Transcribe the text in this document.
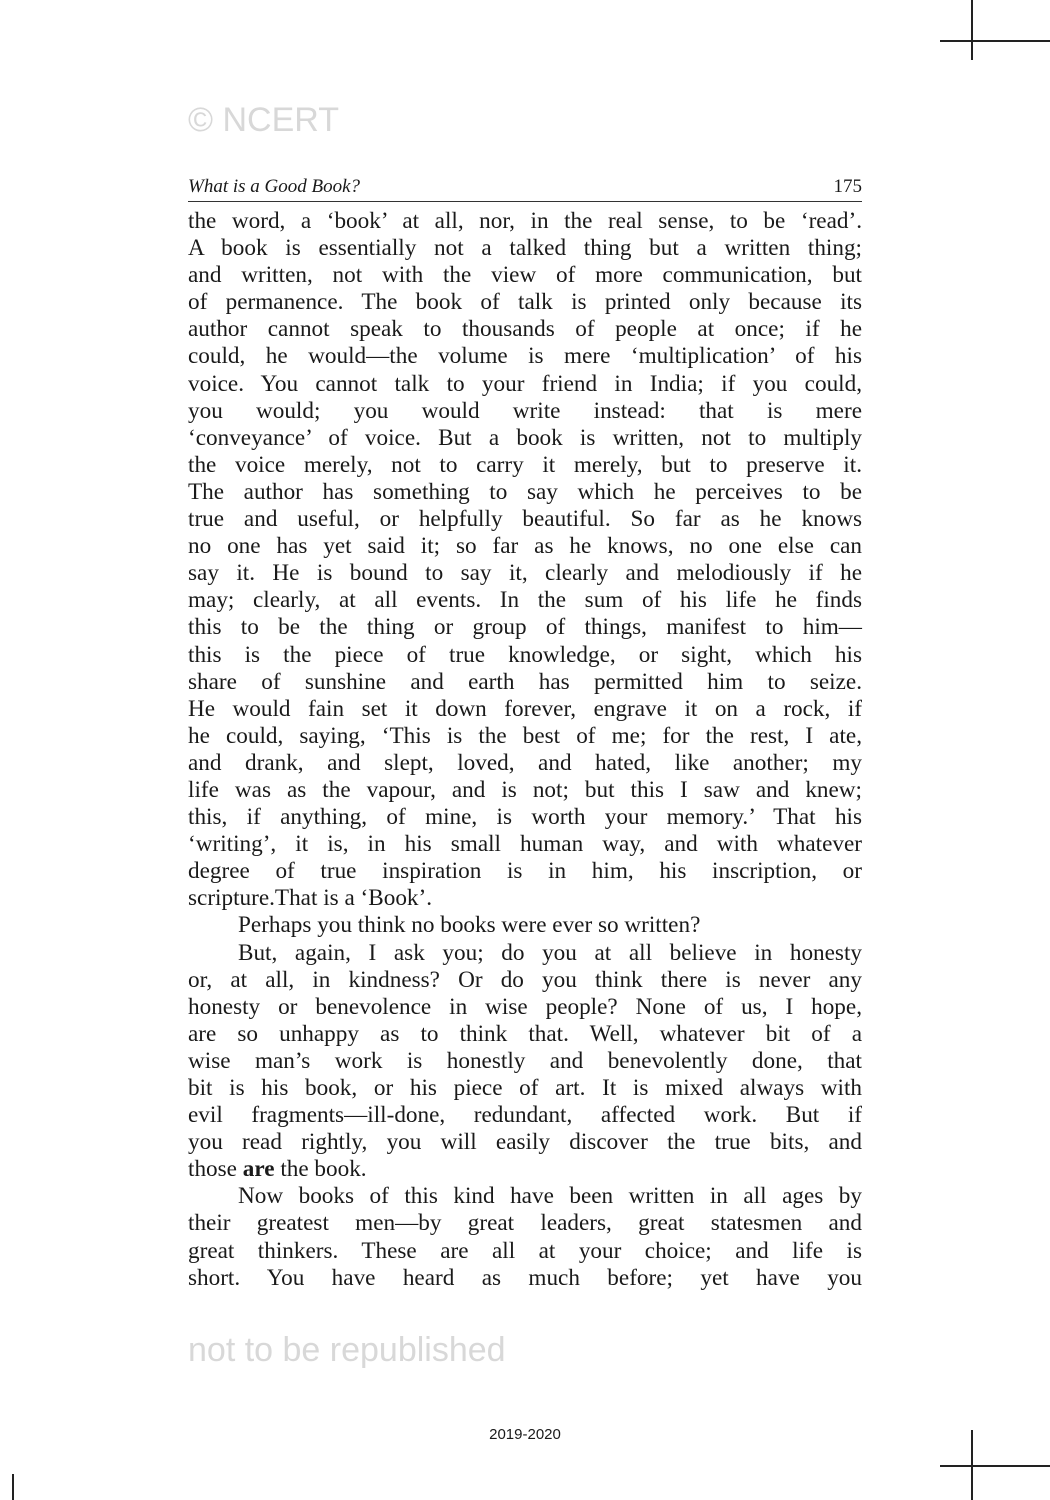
© NCERT
not to be republished
What is a Good Book?	175
the word, a ‘book’ at all, nor, in the real sense, to be ‘read’.
A book is essentially not a talked thing but a written thing;
and written, not with the view of more communication, but
of permanence. The book of talk is printed only because its
author cannot speak to thousands of people at once; if he
could, he would—the volume is mere ‘multiplication’ of his
voice. You cannot talk to your friend in India; if you could,
you would; you would write instead: that is mere
‘conveyance’ of voice. But a book is written, not to multiply
the voice merely, not to carry it merely, but to preserve it.
The author has something to say which he perceives to be
true and useful, or helpfully beautiful. So far as he knows
no one has yet said it; so far as he knows, no one else can
say it. He is bound to say it, clearly and melodiously if he
may; clearly, at all events. In the sum of his life he finds
this to be the thing or group of things, manifest to him—
this is the piece of true knowledge, or sight, which his
share of sunshine and earth has permitted him to seize.
He would fain set it down forever, engrave it on a rock, if
he could, saying, ‘This is the best of me; for the rest, I ate,
and drank, and slept, loved, and hated, like another; my
life was as the vapour, and is not; but this I saw and knew;
this, if anything, of mine, is worth your memory.’ That his
‘writing’, it is, in his small human way, and with whatever
degree of true inspiration is in him, his inscription, or
scripture.That is a ‘Book’.
Perhaps you think no books were ever so written?
But, again, I ask you; do you at all believe in honesty
or, at all, in kindness? Or do you think there is never any
honesty or benevolence in wise people? None of us, I hope,
are so unhappy as to think that. Well, whatever bit of a
wise man’s work is honestly and benevolently done, that
bit is his book, or his piece of art. It is mixed always with
evil fragments—ill-done, redundant, affected work. But if
you read rightly, you will easily discover the true bits, and
those are the book.
Now books of this kind have been written in all ages by
their greatest men—by great leaders, great statesmen and
great thinkers. These are all at your choice; and life is
short. You have heard as much before; yet have you
2019-2020
